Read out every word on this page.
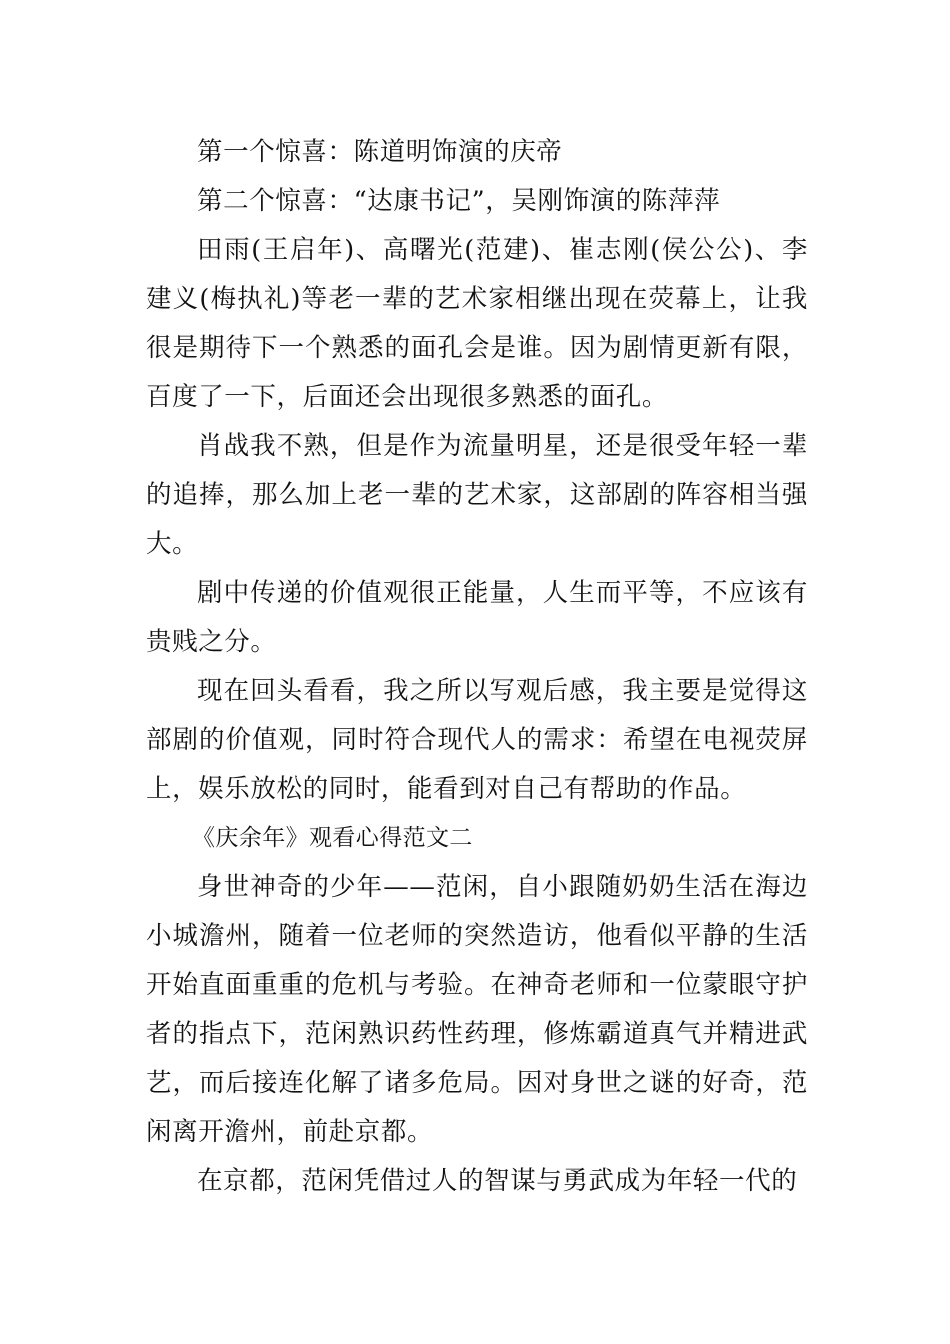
第一个惊喜：陈道明饰演的庆帝

第二个惊喜：“达康书记”，吴刚饰演的陈萍萍

田雨(王启年)、高曙光(范建)、崔志刚(侯公公)、李建义(梅执礼)等老一辈的艺术家相继出现在荧幕上，让我很是期待下一个熟悉的面孔会是谁。因为剧情更新有限，百度了一下，后面还会出现很多熟悉的面孔。

肖战我不熟，但是作为流量明星，还是很受年轻一辈的追捧，那么加上老一辈的艺术家，这部剧的阵容相当强大。

剧中传递的价值观很正能量，人生而平等，不应该有贵贱之分。

现在回头看看，我之所以写观后感，我主要是觉得这部剧的价值观，同时符合现代人的需求：希望在电视荧屏上，娱乐放松的同时，能看到对自己有帮助的作品。

《庆余年》观看心得范文二

身世神奇的少年——范闲，自小跟随奶奶生活在海边小城澹州，随着一位老师的突然造访，他看似平静的生活开始直面重重的危机与考验。在神奇老师和一位蒙眼守护者的指点下，范闲熟识药性药理，修炼霸道真气并精进武艺，而后接连化解了诸多危局。因对身世之谜的好奇，范闲离开澹州，前赴京都。

在京都，范闲凭借过人的智谋与勇武成为年轻一代的
